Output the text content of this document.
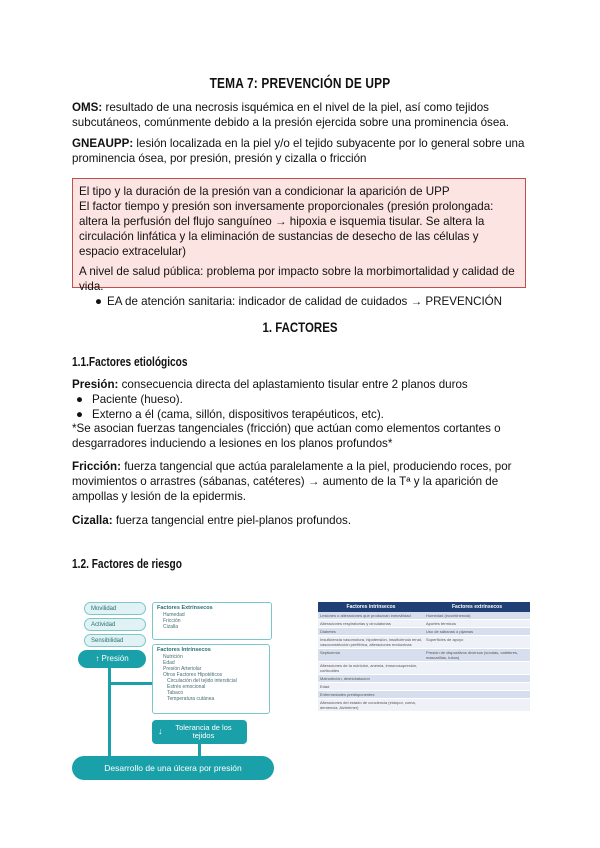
TEMA 7: PREVENCIÓN DE UPP
OMS: resultado de una necrosis isquémica en el nivel de la piel, así como tejidos subcutáneos, comúnmente debido a la presión ejercida sobre una prominencia ósea.
GNEAUPP: lesión localizada en la piel y/o el tejido subyacente por lo general sobre una prominencia ósea, por presión, presión y cizalla o fricción
El tipo y la duración de la presión van a condicionar la aparición de UPP
El factor tiempo y presión son inversamente proporcionales (presión prolongada: altera la perfusión del flujo sanguíneo → hipoxia e isquemia tisular. Se altera la circulación linfática y la eliminación de sustancias de desecho de las células y espacio extracelular)
A nivel de salud pública: problema por impacto sobre la morbimortalidad y calidad de vida.
● EA de atención sanitaria: indicador de calidad de cuidados → PREVENCIÓN
1. FACTORES
1.1.Factores etiológicos
Presión: consecuencia directa del aplastamiento tisular entre 2 planos duros
● Paciente (hueso).
● Externo a él (cama, sillón, dispositivos terapéuticos, etc).
*Se asocian fuerzas tangenciales (fricción) que actúan como elementos cortantes o desgarradores induciendo a lesiones en los planos profundos*
Fricción: fuerza tangencial que actúa paralelamente a la piel, produciendo roces, por movimientos o arrastres (sábanas, catéteres) → aumento de la Tª y la aparición de ampollas y lesión de la epidermis.
Cizalla: fuerza tangencial entre piel-planos profundos.
1.2. Factores de riesgo
Movilidad
Actividad
Sensibilidad
↑ Presión
Factores Extrínsecos
Humedad
Fricción
Cizalla
Factores Intrínsecos
Nutrición
Edad
Presión Arteriolar
Otros Factores Hipotéticos
Circulación del tejido intersticial
Estrés emocional
Tabaco
Temperatura cutánea
↓	Tolerancia de los tejidos
Desarrollo de una úlcera por presión
Factores intrínsecos	Factores extrínsecos
Lesiones o alteraciones que produzcan inmovilidad	Humedad (incontinencia)
Alteraciones respiratorias y circulatorias	Aportes térmicos
Diabetes	Uso de sábanas o pijamas
Insuficiencia vasomotora, hipotensión, insuficiencia renal, vasoconstricción periférica, alteraciones endocrinas	Superficies de apoyo
Septicemia	Presión de dispositivos diversos (sondas, catéteres, mascarillas, tubos)
Alteraciones de la nutrición, anemia, inmunosupresión, corticoides	
Malnutrición, deshidratación	
Edad	
Enfermedades predisponentes	
Alteraciones del estado de conciencia (estupor, coma, demencia, Alzheimer)	
